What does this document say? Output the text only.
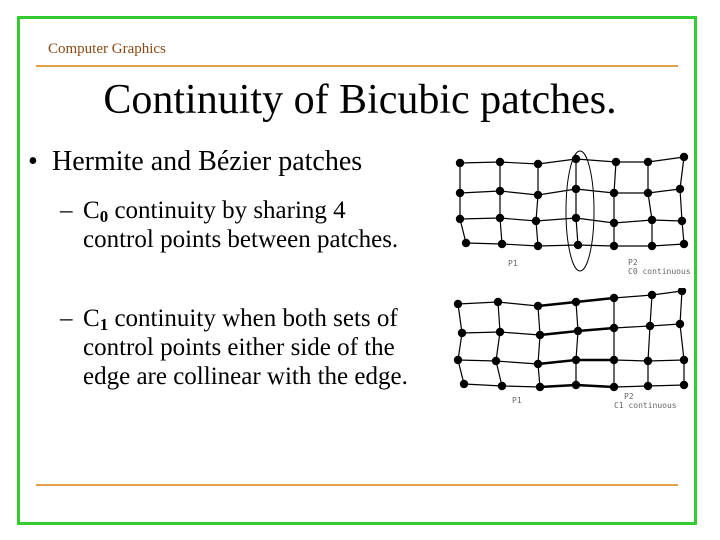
Computer Graphics
Continuity of Bicubic patches.
• Hermite and Bézier patches
– $C_0$ continuity by sharing 4 control points between patches.
– $C_1$ continuity when both sets of control points either side of the edge are collinear with the edge.
P1	P2
C0 continuous
P1	P2
C1 continuous
